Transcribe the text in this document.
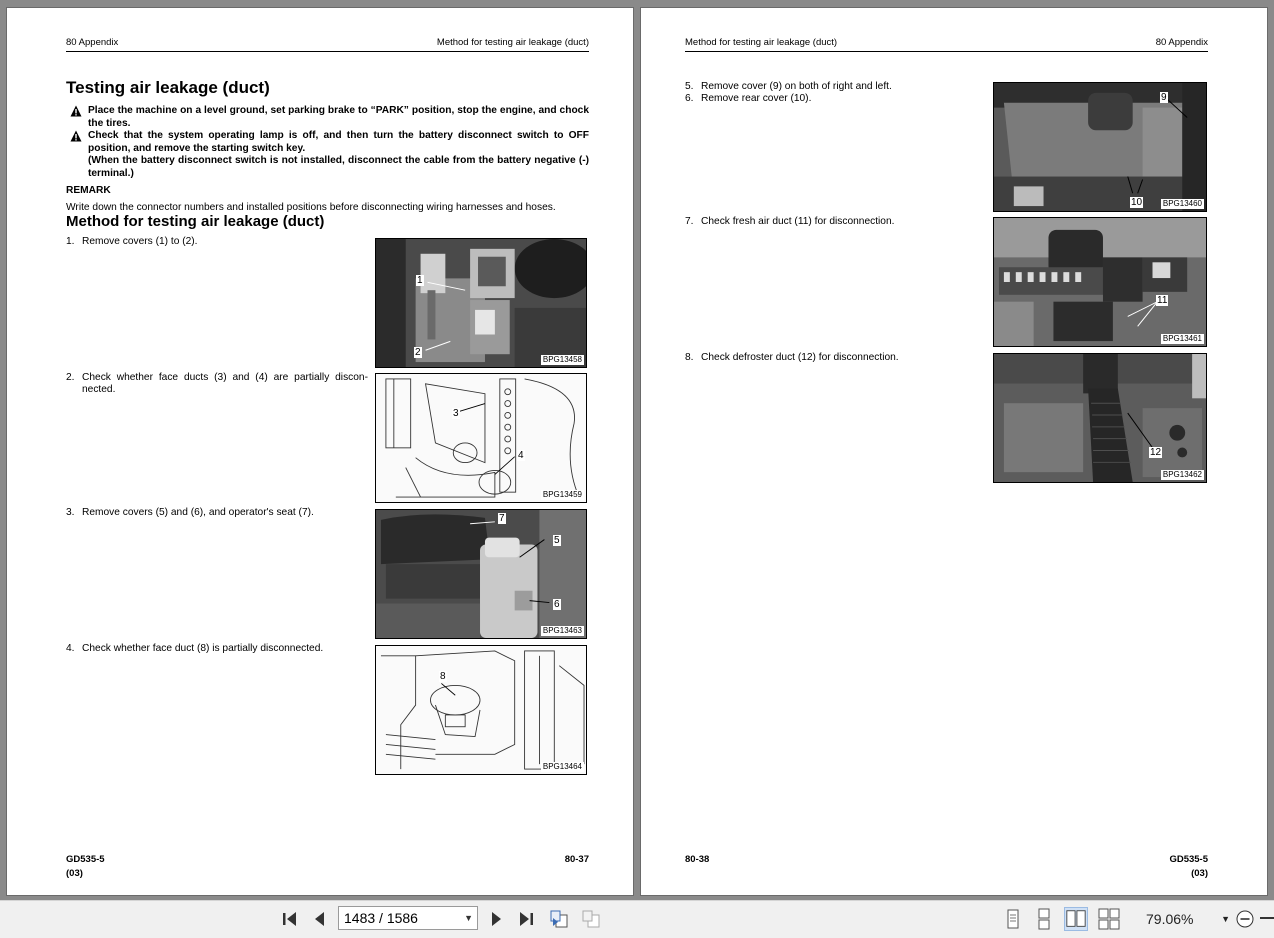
80 Appendix	Method for testing air leakage (duct)
Testing air leakage (duct)
Place the machine on a level ground, set parking brake to “PARK” position, stop the engine, and chock the tires.
Check that the system operating lamp is off, and then turn the battery disconnect switch to OFF position, and remove the starting switch key.
(When the battery disconnect switch is not installed, disconnect the cable from the battery negative (-) terminal.)
REMARK
Write down the connector numbers and installed positions before disconnecting wiring harnesses and hoses.
Method for testing air leakage (duct)
1. Remove covers (1) to (2).
BPG13458
1
2
2. Check whether face ducts (3) and (4) are partially discon- nected.
BPG13459
3
4
3. Remove covers (5) and (6), and operator's seat (7).
BPG13463
7
5
6
4. Check whether face duct (8) is partially disconnected.
BPG13464
8
GD535-5
(03)
80-37
Method for testing air leakage (duct)	80 Appendix
5. Remove cover (9) on both of right and left.
6. Remove rear cover (10).
BPG13460
9
10
7. Check fresh air duct (11) for disconnection.
BPG13461
11
8. Check defroster duct (12) for disconnection.
BPG13462
12
80-38	GD535-5
(03)
1483 / 1586	▼	79.06%	▼
